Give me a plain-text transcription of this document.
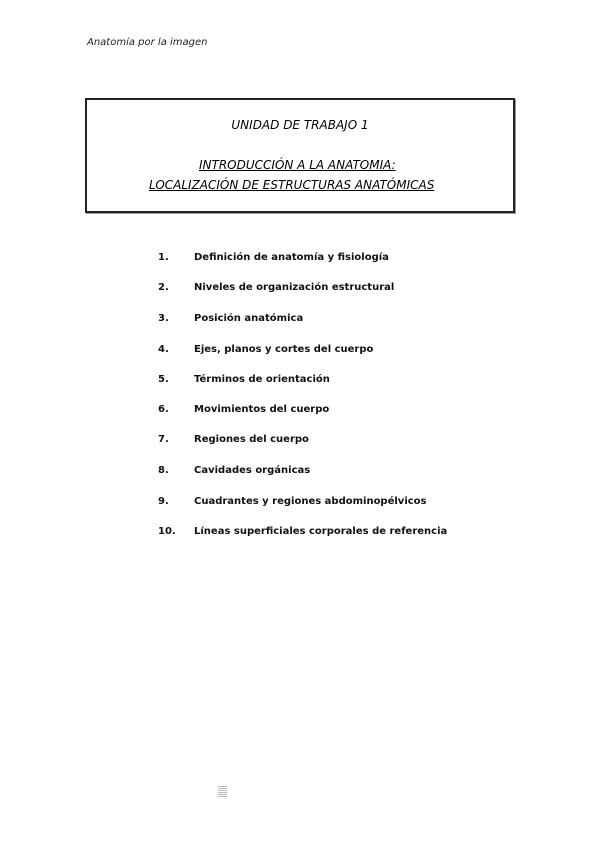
Anatomía por la imagen
UNIDAD DE TRABAJO 1
INTRODUCCIÓN A LA ANATOMIA:
LOCALIZACIÓN DE ESTRUCTURAS ANATÓMICAS
1.	Definición de anatomía y fisiología
2.	Niveles de organización estructural
3.	Posición anatómica
4.	Ejes, planos y cortes del cuerpo
5.	Términos de orientación
6.	Movimientos del cuerpo
7.	Regiones del cuerpo
8.	Cavidades orgánicas
9.	Cuadrantes y regiones abdominopélvicos
10.	Líneas superficiales corporales de referencia
